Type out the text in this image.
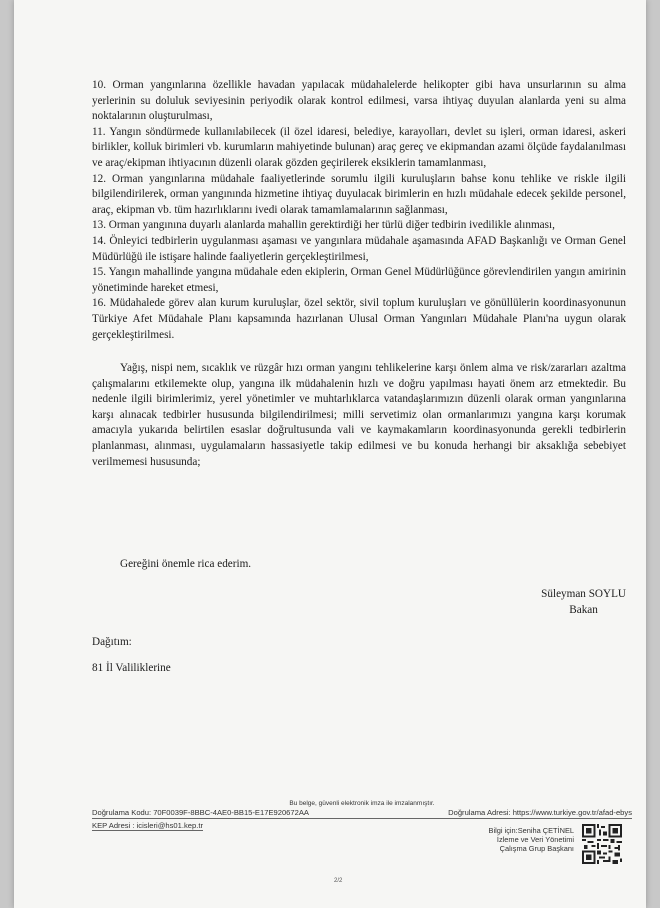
10. Orman yangınlarına özellikle havadan yapılacak müdahalelerde helikopter gibi hava unsurlarının su alma yerlerinin su doluluk seviyesinin periyodik olarak kontrol edilmesi, varsa ihtiyaç duyulan alanlarda yeni su alma noktalarının oluşturulması,

11. Yangın söndürmede kullanılabilecek (il özel idaresi, belediye, karayolları, devlet su işleri, orman idaresi, askeri birlikler, kolluk birimleri vb. kurumların mahiyetinde bulunan) araç gereç ve ekipmandan azami ölçüde faydalanılması ve araç/ekipman ihtiyacının düzenli olarak gözden geçirilerek eksiklerin tamamlanması,

12. Orman yangınlarına müdahale faaliyetlerinde sorumlu ilgili kuruluşların bahse konu tehlike ve riskle ilgili bilgilendirilerek, orman yangınında hizmetine ihtiyaç duyulacak birimlerin en hızlı müdahale edecek şekilde personel, araç, ekipman vb. tüm hazırlıklarını ivedi olarak tamamlamalarının sağlanması,

13. Orman yangınına duyarlı alanlarda mahallin gerektirdiği her türlü diğer tedbirin ivedilikle alınması,

14. Önleyici tedbirlerin uygulanması aşaması ve yangınlara müdahale aşamasında AFAD Başkanlığı ve Orman Genel Müdürlüğü ile istişare halinde faaliyetlerin gerçekleştirilmesi,

15. Yangın mahallinde yangına müdahale eden ekiplerin, Orman Genel Müdürlüğünce görevlendirilen yangın amirinin yönetiminde hareket etmesi,

16. Müdahalede görev alan kurum kuruluşlar, özel sektör, sivil toplum kuruluşları ve gönüllülerin koordinasyonunun Türkiye Afet Müdahale Planı kapsamında hazırlanan Ulusal Orman Yangınları Müdahale Planı'na uygun olarak gerçekleştirilmesi.

Yağış, nispi nem, sıcaklık ve rüzgâr hızı orman yangını tehlikelerine karşı önlem alma ve risk/zararları azaltma çalışmalarını etkilemekte olup, yangına ilk müdahalenin hızlı ve doğru yapılması hayati önem arz etmektedir. Bu nedenle ilgili birimlerimiz, yerel yönetimler ve muhtarlıklarca vatandaşlarımızın düzenli olarak orman yangınlarına karşı alınacak tedbirler hususunda bilgilendirilmesi; milli servetimiz olan ormanlarımızı yangına karşı korumak amacıyla yukarıda belirtilen esaslar doğrultusunda vali ve kaymakamların koordinasyonunda gerekli tedbirlerin planlanması, alınması, uygulamaların hassasiyetle takip edilmesi ve bu konuda herhangi bir aksaklığa sebebiyet verilmemesi hususunda;

Gereğini önemle rica ederim.
Süleyman SOYLU
Bakan
Dağıtım:
81 İl Valiliklerine
Bu belge, güvenli elektronik imza ile imzalanmıştır.
Doğrulama Kodu: 70F0039F-8BBC-4AE0-BB15-E17E920672AA	Doğrulama Adresi: https://www.turkiye.gov.tr/afad-ebys
KEP Adresi : icisleri@hs01.kep.tr
Bilgi için:Seniha ÇETİNEL
İzleme ve Veri Yönetimi
Çalışma Grup Başkanı
2/2
